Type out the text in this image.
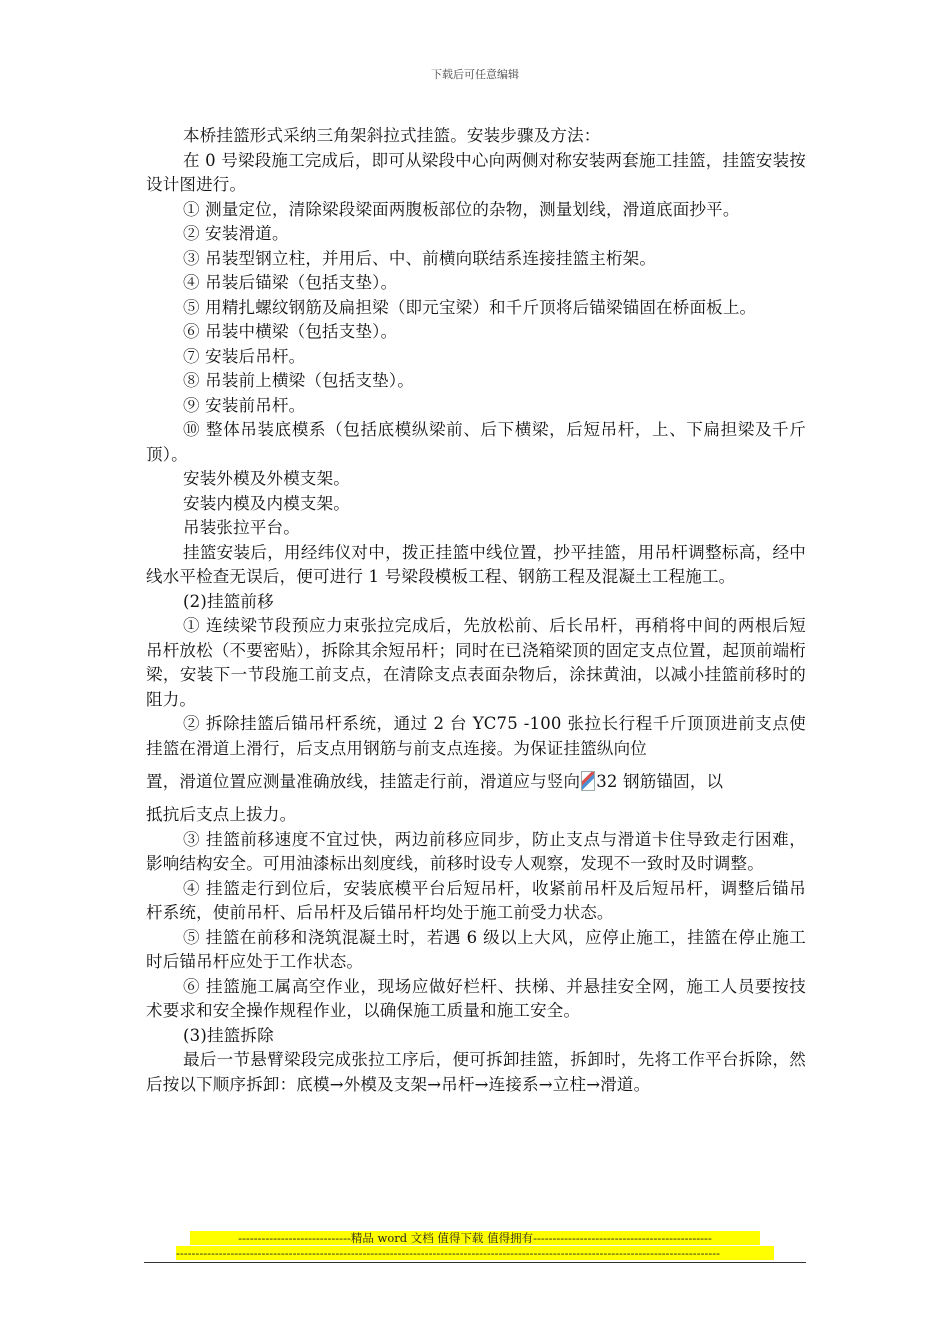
下载后可任意编辑

本桥挂篮形式采纳三角架斜拉式挂篮。安装步骤及方法：

在 0 号梁段施工完成后，即可从梁段中心向两侧对称安装两套施工挂篮，挂篮安装按设计图进行。

① 测量定位，清除梁段梁面两腹板部位的杂物，测量划线，滑道底面抄平。

② 安装滑道。

③ 吊装型钢立柱，并用后、中、前横向联结系连接挂篮主桁架。

④ 吊装后锚梁（包括支垫）。

⑤ 用精扎螺纹钢筋及扁担梁（即元宝梁）和千斤顶将后锚梁锚固在桥面板上。

⑥ 吊装中横梁（包括支垫）。

⑦ 安装后吊杆。

⑧ 吊装前上横梁（包括支垫）。

⑨ 安装前吊杆。

⑩ 整体吊装底模系（包括底模纵梁前、后下横梁，后短吊杆，上、下扁担梁及千斤顶）。

安装外模及外模支架。

安装内模及内模支架。

吊装张拉平台。

挂篮安装后，用经纬仪对中，拨正挂篮中线位置，抄平挂篮，用吊杆调整标高，经中线水平检查无误后，便可进行 1 号梁段模板工程、钢筋工程及混凝土工程施工。

(2)挂篮前移

① 连续梁节段预应力束张拉完成后，先放松前、后长吊杆，再稍将中间的两根后短吊杆放松（不要密贴），拆除其余短吊杆；同时在已浇箱梁顶的固定支点位置，起顶前端桁梁，安装下一节段施工前支点，在清除支点表面杂物后，涂抹黄油，以减小挂篮前移时的阻力。

② 拆除挂篮后锚吊杆系统，通过 2 台 YC75 -100 张拉长行程千斤顶顶进前支点使挂篮在滑道上滑行，后支点用钢筋与前支点连接。为保证挂篮纵向位

置，滑道位置应测量准确放线，挂篮走行前，滑道应与竖向 32 钢筋锚固，以

抵抗后支点上拔力。

③ 挂篮前移速度不宜过快，两边前移应同步，防止支点与滑道卡住导致走行困难，影响结构安全。可用油漆标出刻度线，前移时设专人观察，发现不一致时及时调整。

④ 挂篮走行到位后，安装底模平台后短吊杆，收紧前吊杆及后短吊杆，调整后锚吊杆系统，使前吊杆、后吊杆及后锚吊杆均处于施工前受力状态。

⑤ 挂篮在前移和浇筑混凝土时，若遇 6 级以上大风，应停止施工，挂篮在停止施工时后锚吊杆应处于工作状态。

⑥ 挂篮施工属高空作业，现场应做好栏杆、扶梯、并悬挂安全网，施工人员要按技术要求和安全操作规程作业，以确保施工质量和施工安全。

(3)挂篮拆除

最后一节悬臂梁段完成张拉工序后，便可拆卸挂篮，拆卸时，先将工作平台拆除，然后按以下顺序拆卸：底模→外模及支架→吊杆→连接系→立柱→滑道。

-----------------------------精品 word 文档 值得下载 值得拥有----------------------------------------------
--------------------------------------------------------------------------------------------------------------------------------------------
